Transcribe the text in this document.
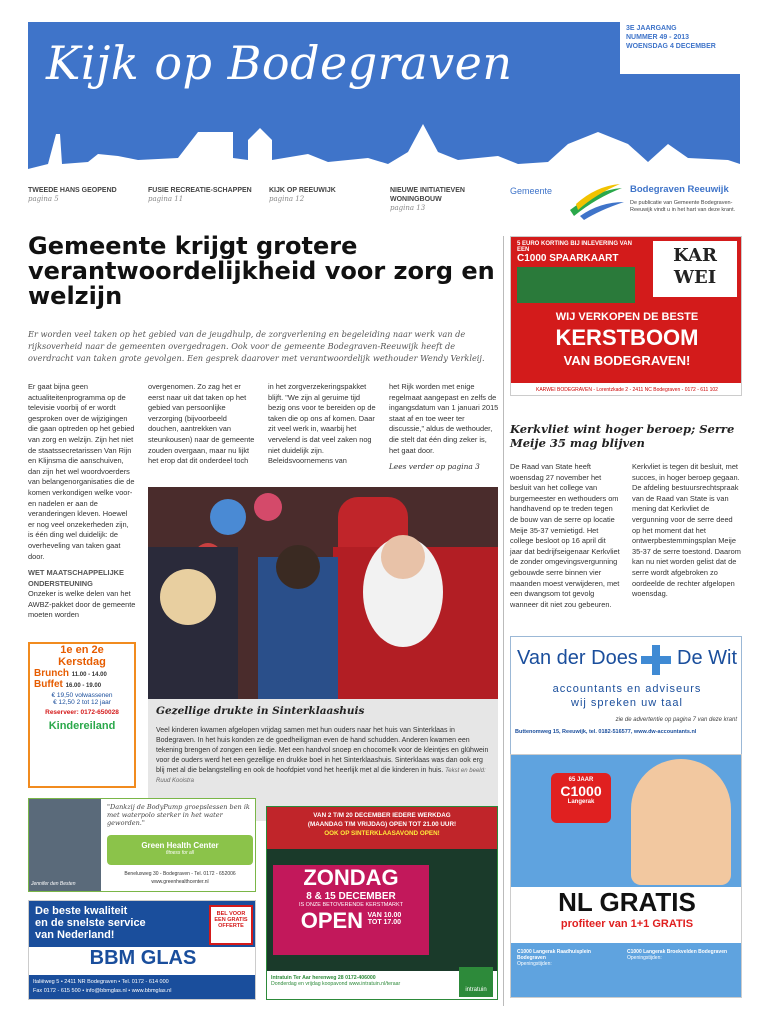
Kijk op Bodegraven
3E JAARGANG
NUMMER 49 - 2013
WOENSDAG 4 DECEMBER
TWEEDE HANS GEOPEND
pagina 5
FUSIE RECREATIE-SCHAPPEN
pagina 11
KIJK OP REEUWIJK
pagina 12
NIEUWE INITIATIEVEN WONINGBOUW
pagina 13
Gemeente	Bodegraven Reeuwijk
De publicatie van Gemeente Bodegraven-Reeuwijk vindt u in het hart van deze krant.
Gemeente krijgt grotere verantwoordelijkheid voor zorg en welzijn
Er worden veel taken op het gebied van de jeugdhulp, de zorgverlening en begeleiding naar werk van de rijksoverheid naar de gemeenten overgedragen. Ook voor de gemeente Bodegraven-Reeuwijk heeft de overdracht van taken grote gevolgen. Een gesprek daarover met verantwoordelijk wethouder Wendy Verkleij.
Er gaat bijna geen actualiteitenprogramma op de televisie voorbij of er wordt gesproken over de wijzigingen die gaan optreden op het gebied van zorg en welzijn. Zijn het niet de staatssecretarissen Van Rijn en Klijnsma die aanschuiven, dan zijn het wel woordvoerders van belangenorganisaties die de komen verkondigen welke voor- en nadelen er aan de veranderingen kleven. Hoewel er nog veel onzekerheden zijn, is één ding wel duidelijk: de overheveling van taken gaat door.
WET MAATSCHAPPELIJKE ONDERSTEUNING
Onzeker is welke delen van het AWBZ-pakket door de gemeente moeten worden
overgenomen. Zo zag het er eerst naar uit dat taken op het gebied van persoonlijke verzorging (bijvoorbeeld douchen, aantrekken van steunkousen) naar de gemeente zouden overgaan, maar nu lijkt het erop dat dit onderdeel toch
in het zorgverzekeringspakket blijft. "We zijn al geruime tijd bezig ons voor te bereiden op de taken die op ons af komen. Daar zit veel werk in, waarbij het vervelend is dat veel zaken nog niet duidelijk zijn. Beleidsvoornemens van
het Rijk worden met enige regelmaat aangepast en zelfs de ingangsdatum van 1 januari 2015 staat af en toe weer ter discussie," aldus de wethouder, die stelt dat één ding zeker is, het gaat door.
Lees verder op pagina 3
Gezellige drukte in Sinterklaashuis
Veel kinderen kwamen afgelopen vrijdag samen met hun ouders naar het huis van Sinterklaas in Bodegraven. In het huis konden ze de goedheiligman even de hand schudden. Anderen kwamen een tekening brengen of zongen een liedje. Met een handvol snoep en chocomelk voor de kleintjes en glühwein voor de ouders werd het een gezellige en drukke boel in het Sinterklaashuis. Sinterklaas was dan ook erg blij met al die belangstelling en ook de hoofdpiet vond het heerlijk met al die kinderen in huis. Tekst en beeld: Ruud Kooistra
5 EURO KORTING BIJ INLEVERING VAN EEN
C1000 SPAARKAART	KAR WEI
WIJ VERKOPEN DE BESTE
KERSTBOOM
VAN BODEGRAVEN!
KARWEI BODEGRAVEN - Lorentzkade 2 - 2411 NC Bodegraven - 0172 - 611 102
Kerkvliet wint hoger beroep; Serre Meije 35 mag blijven
De Raad van State heeft woensdag 27 november het besluit van het college van burgemeester en wethouders om handhavend op te treden tegen de bouw van de serre op locatie Meije 35-37 vernietigd. Het college besloot op 16 april dit jaar dat bedrijfseigenaar Kerkvliet de zonder omgevingsvergunning gebouwde serre binnen vier maanden moest verwijderen, met een dwangsom tot gevolg wanneer dit niet zou gebeuren.
Kerkvliet is tegen dit besluit, met succes, in hoger beroep gegaan. De afdeling bestuursrechtspraak van de Raad van State is van mening dat Kerkvliet de vergunning voor de serre deed op het moment dat het ontwerpbestemmingsplan Meije 35-37 de serre toestond. Daarom kan nu niet worden gelist dat de serre wordt afgebroken zo oordeelde de rechter afgelopen woensdag.
Van der Does De Wit
accountants en adviseurs
wij spreken uw taal
zie de advertentie op pagina 7 van deze krant
Buttenomweg 15, Reeuwijk, tel. 0182-516577, www.dw-accountants.nl
65 JAAR
C1000
Langerak
NL GRATIS
profiteer van 1+1 GRATIS
C1000 Langerak Raadhuisplein Bodegraven
Openingstijden:
C1000 Langerak Broekvelden Bodegraven
Openingstijden:
1e en 2e
Kerstdag
Brunch 11.00 - 14.00
Buffet 16.00 - 19.00
€ 19,50 volwassenen
€ 12,50 2 tot 12 jaar
Reserveer: 0172-650028
Kindereiland
Jennifer den Besten
"Dankzij de BodyPump groepslessen ben ik met waterpolo sterker in het water geworden."
Green Health Center
fitness for all
Beneluxweg 30 - Bodegraven - Tel. 0172 - 652006
www.greenhealthcenter.nl
De beste kwaliteit
en de snelste service
van Nederland!
BEL VOOR EEN GRATIS OFFERTE
BBM GLAS
Italiëweg 5 • 2411 NR Bodegraven • Tel. 0172 - 614 000
Fax 0172 - 615 500 • info@bbmglas.nl • www.bbmglas.nl
VAN 2 T/M 20 DECEMBER IEDERE WERKDAG
(MAANDAG T/M VRIJDAG) OPEN TOT 21.00 UUR!
OOK OP SINTERKLAASAVOND OPEN!
ZONDAG
8 & 15 DECEMBER
IS ONZE BETOVERENDE KERSTMARKT
OPEN VAN 10.00
TOT 17.00
Intratuin Ter Aar herenweg 28 0172-406000
Donderdag en vrijdag koopavond www.intratuin.nl/teraar
intratuin
